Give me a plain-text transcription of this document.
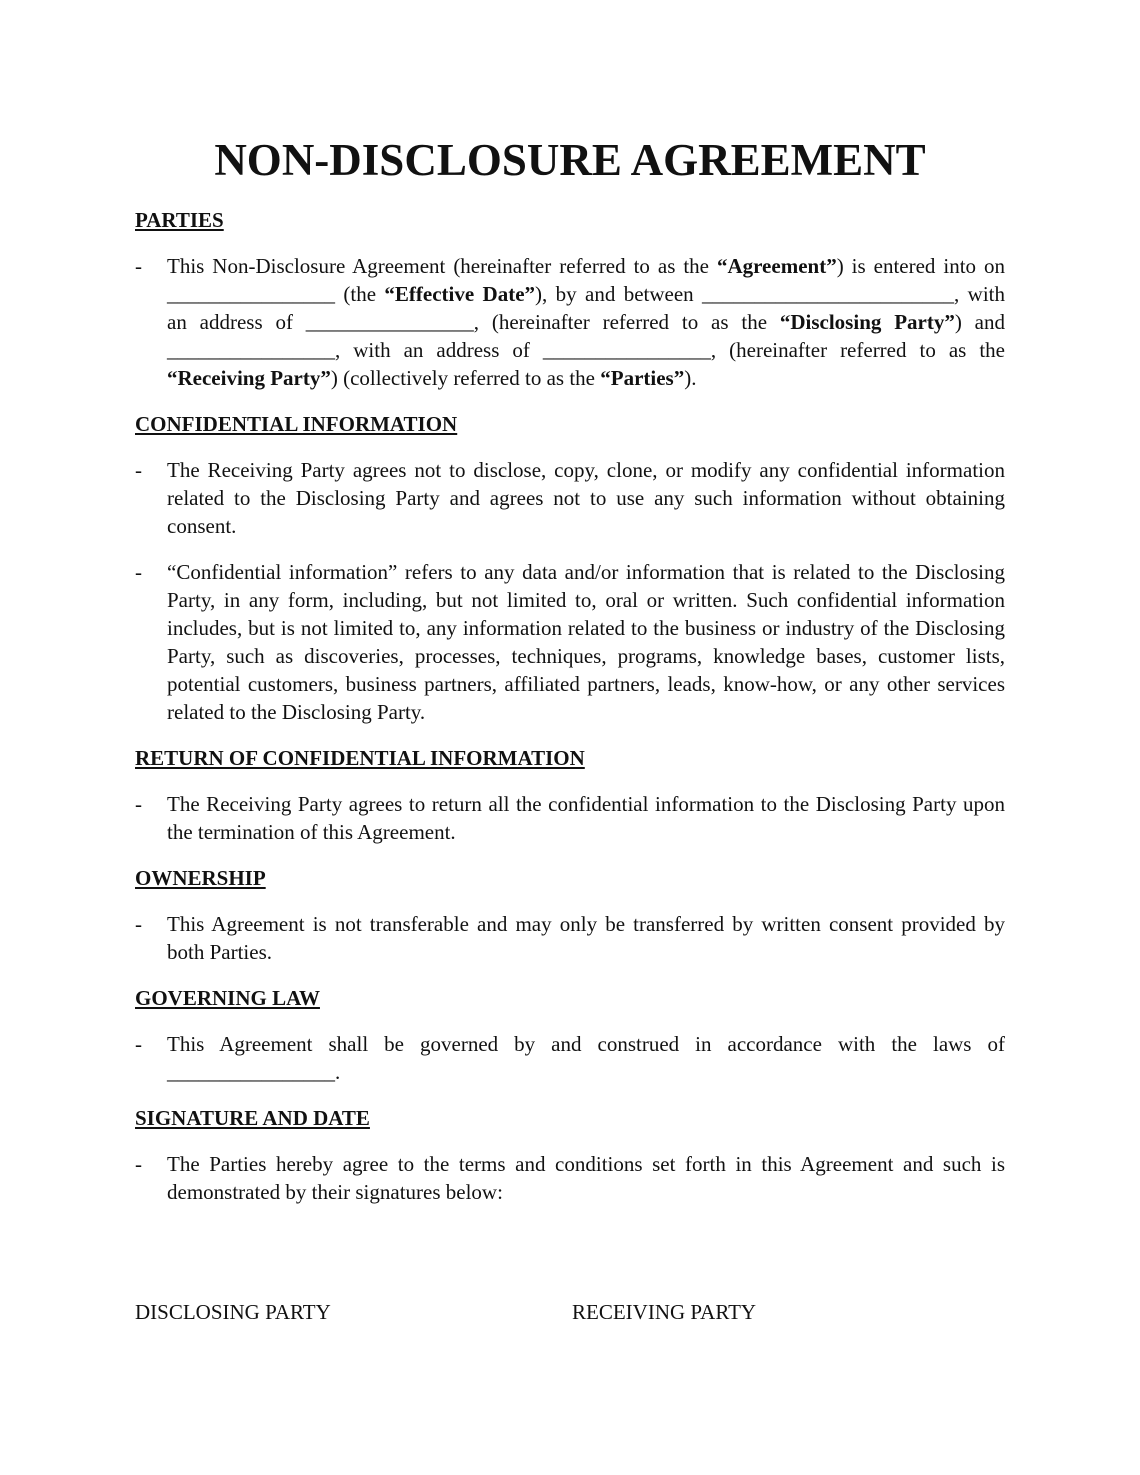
NON-DISCLOSURE AGREEMENT
PARTIES
-	This Non-Disclosure Agreement (hereinafter referred to as the “Agreement”) is entered into on ________________ (the “Effective Date”), by and between ________________________, with an address of ________________, (hereinafter referred to as the “Disclosing Party”) and ________________, with an address of ________________, (hereinafter referred to as the “Receiving Party”) (collectively referred to as the “Parties”).
CONFIDENTIAL INFORMATION
-	The Receiving Party agrees not to disclose, copy, clone, or modify any confidential information related to the Disclosing Party and agrees not to use any such information without obtaining consent.
-	“Confidential information” refers to any data and/or information that is related to the Disclosing Party, in any form, including, but not limited to, oral or written. Such confidential information includes, but is not limited to, any information related to the business or industry of the Disclosing Party, such as discoveries, processes, techniques, programs, knowledge bases, customer lists, potential customers, business partners, affiliated partners, leads, know-how, or any other services related to the Disclosing Party.
RETURN OF CONFIDENTIAL INFORMATION
-	The Receiving Party agrees to return all the confidential information to the Disclosing Party upon the termination of this Agreement.
OWNERSHIP
-	This Agreement is not transferable and may only be transferred by written consent provided by both Parties.
GOVERNING LAW
-	This Agreement shall be governed by and construed in accordance with the laws of ________________.
SIGNATURE AND DATE
-	The Parties hereby agree to the terms and conditions set forth in this Agreement and such is demonstrated by their signatures below:
DISCLOSING PARTY	RECEIVING PARTY
